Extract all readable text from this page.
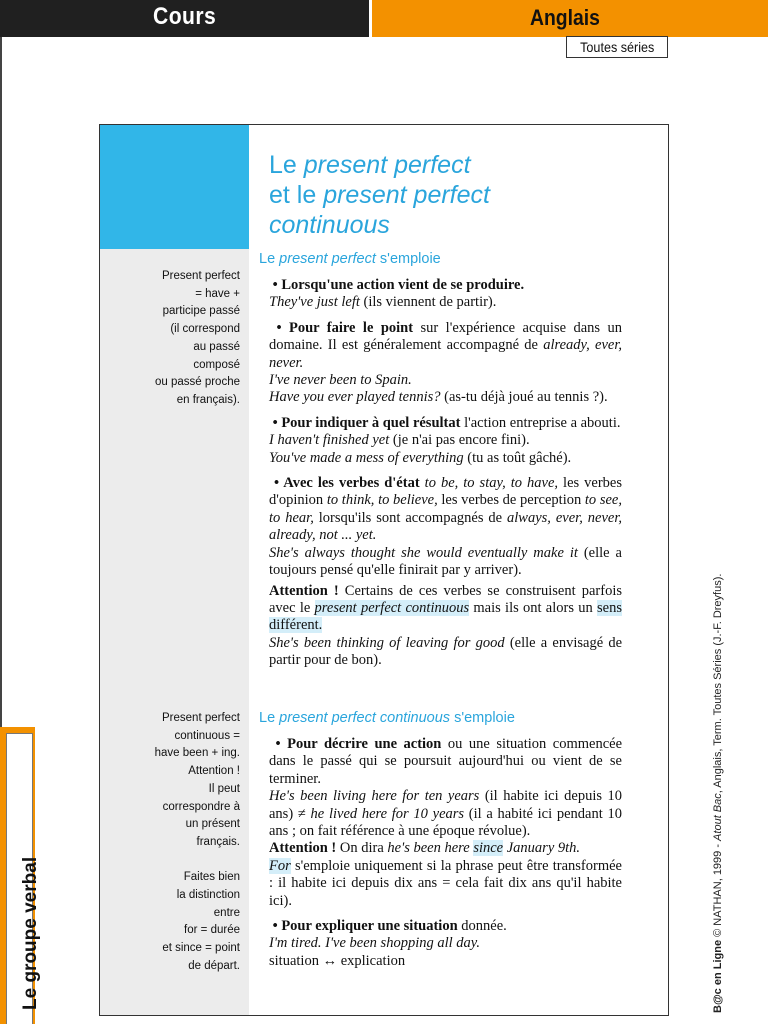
Cours	Anglais
Toutes séries
Le groupe verbal
Le present perfect
et le present perfect
continuous

Present perfect

= have +

participe passé

(il correspond

au passé

composé

ou passé proche

en français).

Present perfect

continuous =

have been + ing.

Attention !

Il peut

correspondre à

un présent

français.

Faites bien

la distinction

entre

for = durée

et since = point

de départ.

Le present perfect s'emploie

• Lorsqu'une action vient de se produire.
They've just left (ils viennent de partir).

• Pour faire le point sur l'expérience acquise dans un domaine. Il est généralement accompagné de already, ever, never.
I've never been to Spain.
Have you ever played tennis? (as-tu déjà joué au tennis ?).

• Pour indiquer à quel résultat l'action entreprise a abouti.
I haven't finished yet (je n'ai pas encore fini).
You've made a mess of everything (tu as toût gâché).

• Avec les verbes d'état to be, to stay, to have, les verbes d'opinion to think, to believe, les verbes de perception to see, to hear, lorsqu'ils sont accompagnés de always, ever, never, already, not ... yet.
She's always thought she would eventually make it (elle a toujours pensé qu'elle finirait par y arriver).

Attention ! Certains de ces verbes se construisent parfois avec le present perfect continuous mais ils ont alors un sens différent.
She's been thinking of leaving for good (elle a envisagé de partir pour de bon).

Le present perfect continuous s'emploie

• Pour décrire une action ou une situation commencée dans le passé qui se poursuit aujourd'hui ou vient de se terminer.
He's been living here for ten years (il habite ici depuis 10 ans) ≠ he lived here for 10 years (il a habité ici pendant 10 ans ; on fait référence à une époque révolue).

Attention ! On dira he's been here since January 9th.
For s'emploie uniquement si la phrase peut être transformée : il habite ici depuis dix ans = cela fait dix ans qu'il habite ici).

• Pour expliquer une situation donnée.
I'm tired. I've been shopping all day.
situation ↔ explication	B@c en Ligne © NATHAN, 1999 - Atout Bac, Anglais, Term. Toutes Séries (J.-F. Dreyfus).
